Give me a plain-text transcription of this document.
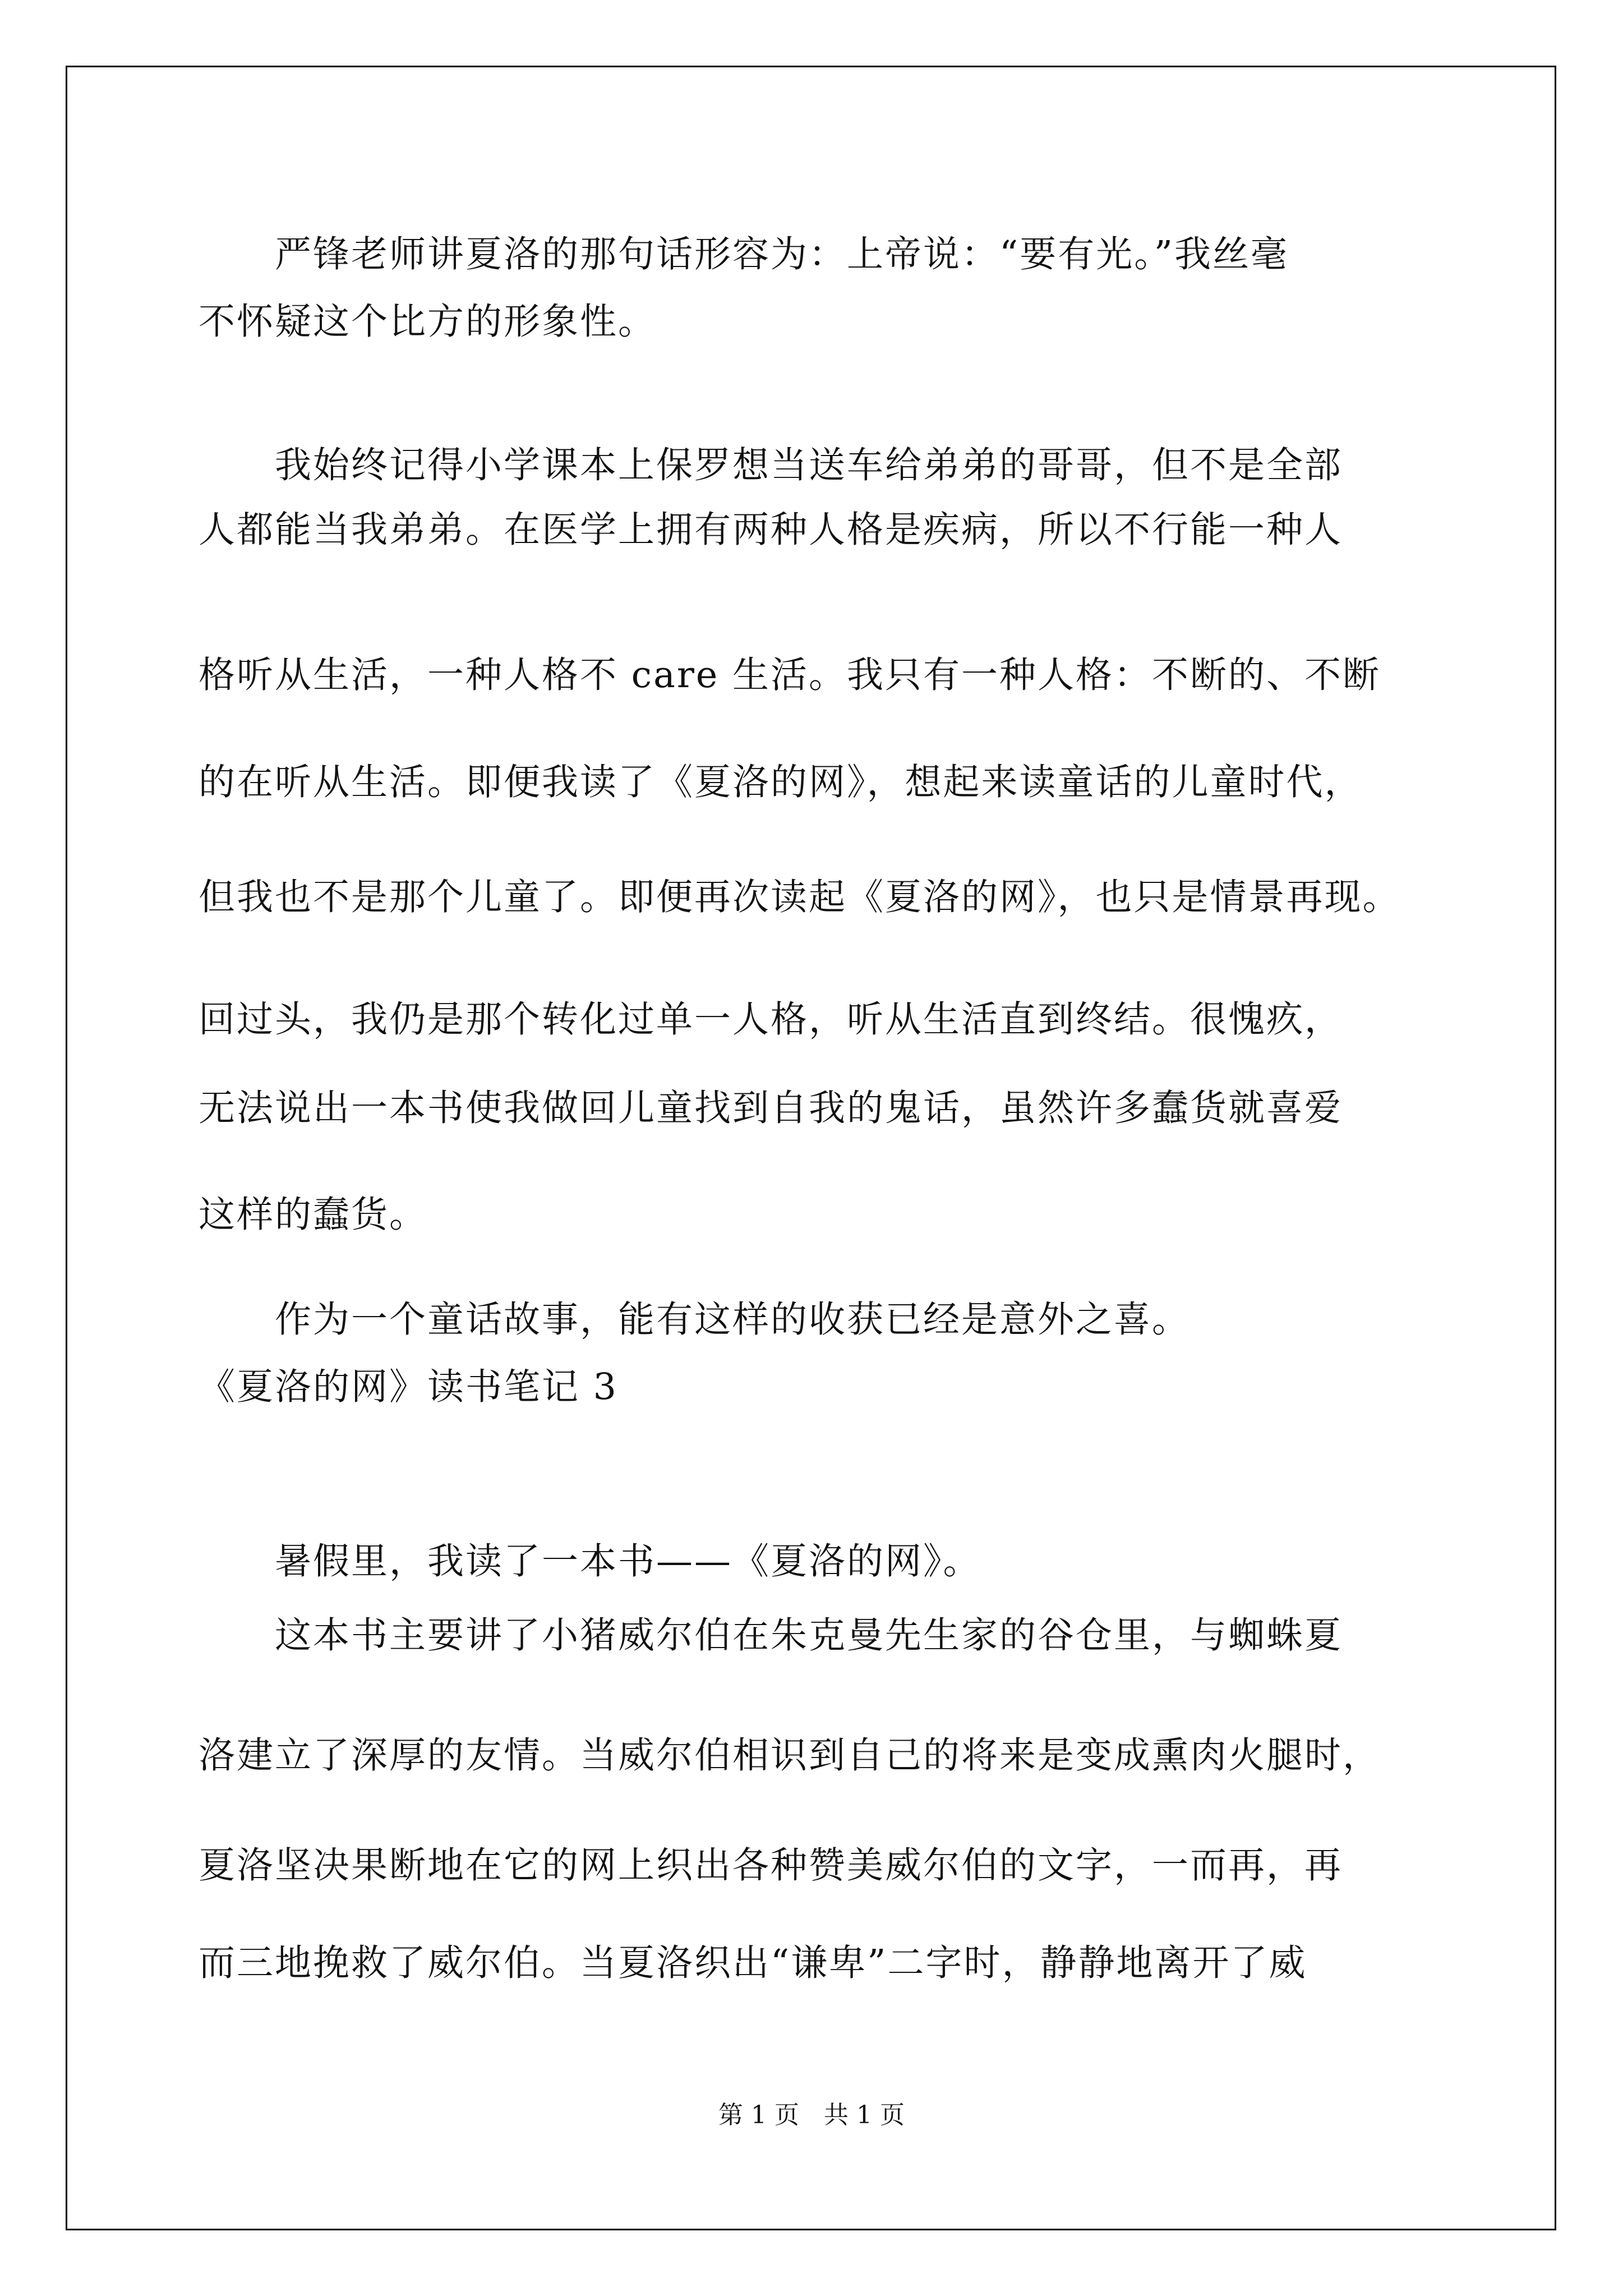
　　严锋老师讲夏洛的那句话形容为：上帝说：“要有光。”我丝毫
不怀疑这个比方的形象性。
　　我始终记得小学课本上保罗想当送车给弟弟的哥哥，但不是全部
人都能当我弟弟。在医学上拥有两种人格是疾病，所以不行能一种人
格听从生活，一种人格不 care 生活。我只有一种人格：不断的、不断
的在听从生活。即便我读了《夏洛的网》，想起来读童话的儿童时代，
但我也不是那个儿童了。即便再次读起《夏洛的网》，也只是情景再现。
回过头，我仍是那个转化过单一人格，听从生活直到终结。很愧疚，
无法说出一本书使我做回儿童找到自我的鬼话，虽然许多蠢货就喜爱
这样的蠢货。
　　作为一个童话故事，能有这样的收获已经是意外之喜。
《夏洛的网》读书笔记 3
　　暑假里，我读了一本书——《夏洛的网》。
　　这本书主要讲了小猪威尔伯在朱克曼先生家的谷仓里，与蜘蛛夏
洛建立了深厚的友情。当威尔伯相识到自己的将来是变成熏肉火腿时，
夏洛坚决果断地在它的网上织出各种赞美威尔伯的文字，一而再，再
而三地挽救了威尔伯。当夏洛织出“谦卑”二字时，静静地离开了威
第 1 页　共 1 页
